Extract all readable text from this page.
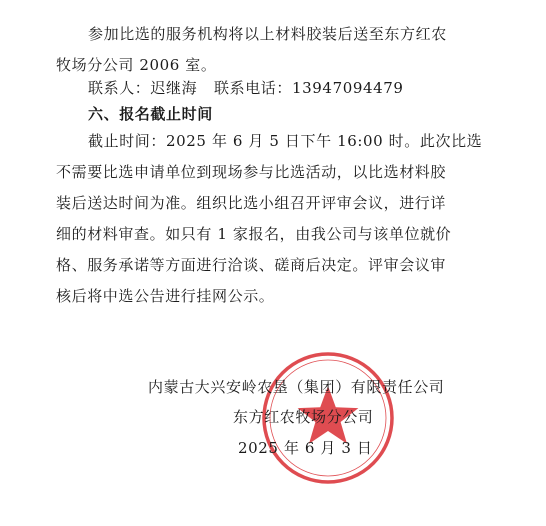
参加比选的服务机构将以上材料胶装后送至东方红农
牧场分公司 2006 室。
联系人：迟继海 联系电话：13947094479
六、报名截止时间
截止时间：2025 年 6 月 5 日下午 16:00 时。此次比选
不需要比选申请单位到现场参与比选活动，以比选材料胶
装后送达时间为准。组织比选小组召开评审会议，进行详
细的材料审查。如只有 1 家报名，由我公司与该单位就价
格、服务承诺等方面进行洽谈、磋商后决定。评审会议审
核后将中选公告进行挂网公示。
内蒙古大兴安岭农垦（集团）有限责任公司
东方红农牧场分公司
2025 年 6 月 3 日
